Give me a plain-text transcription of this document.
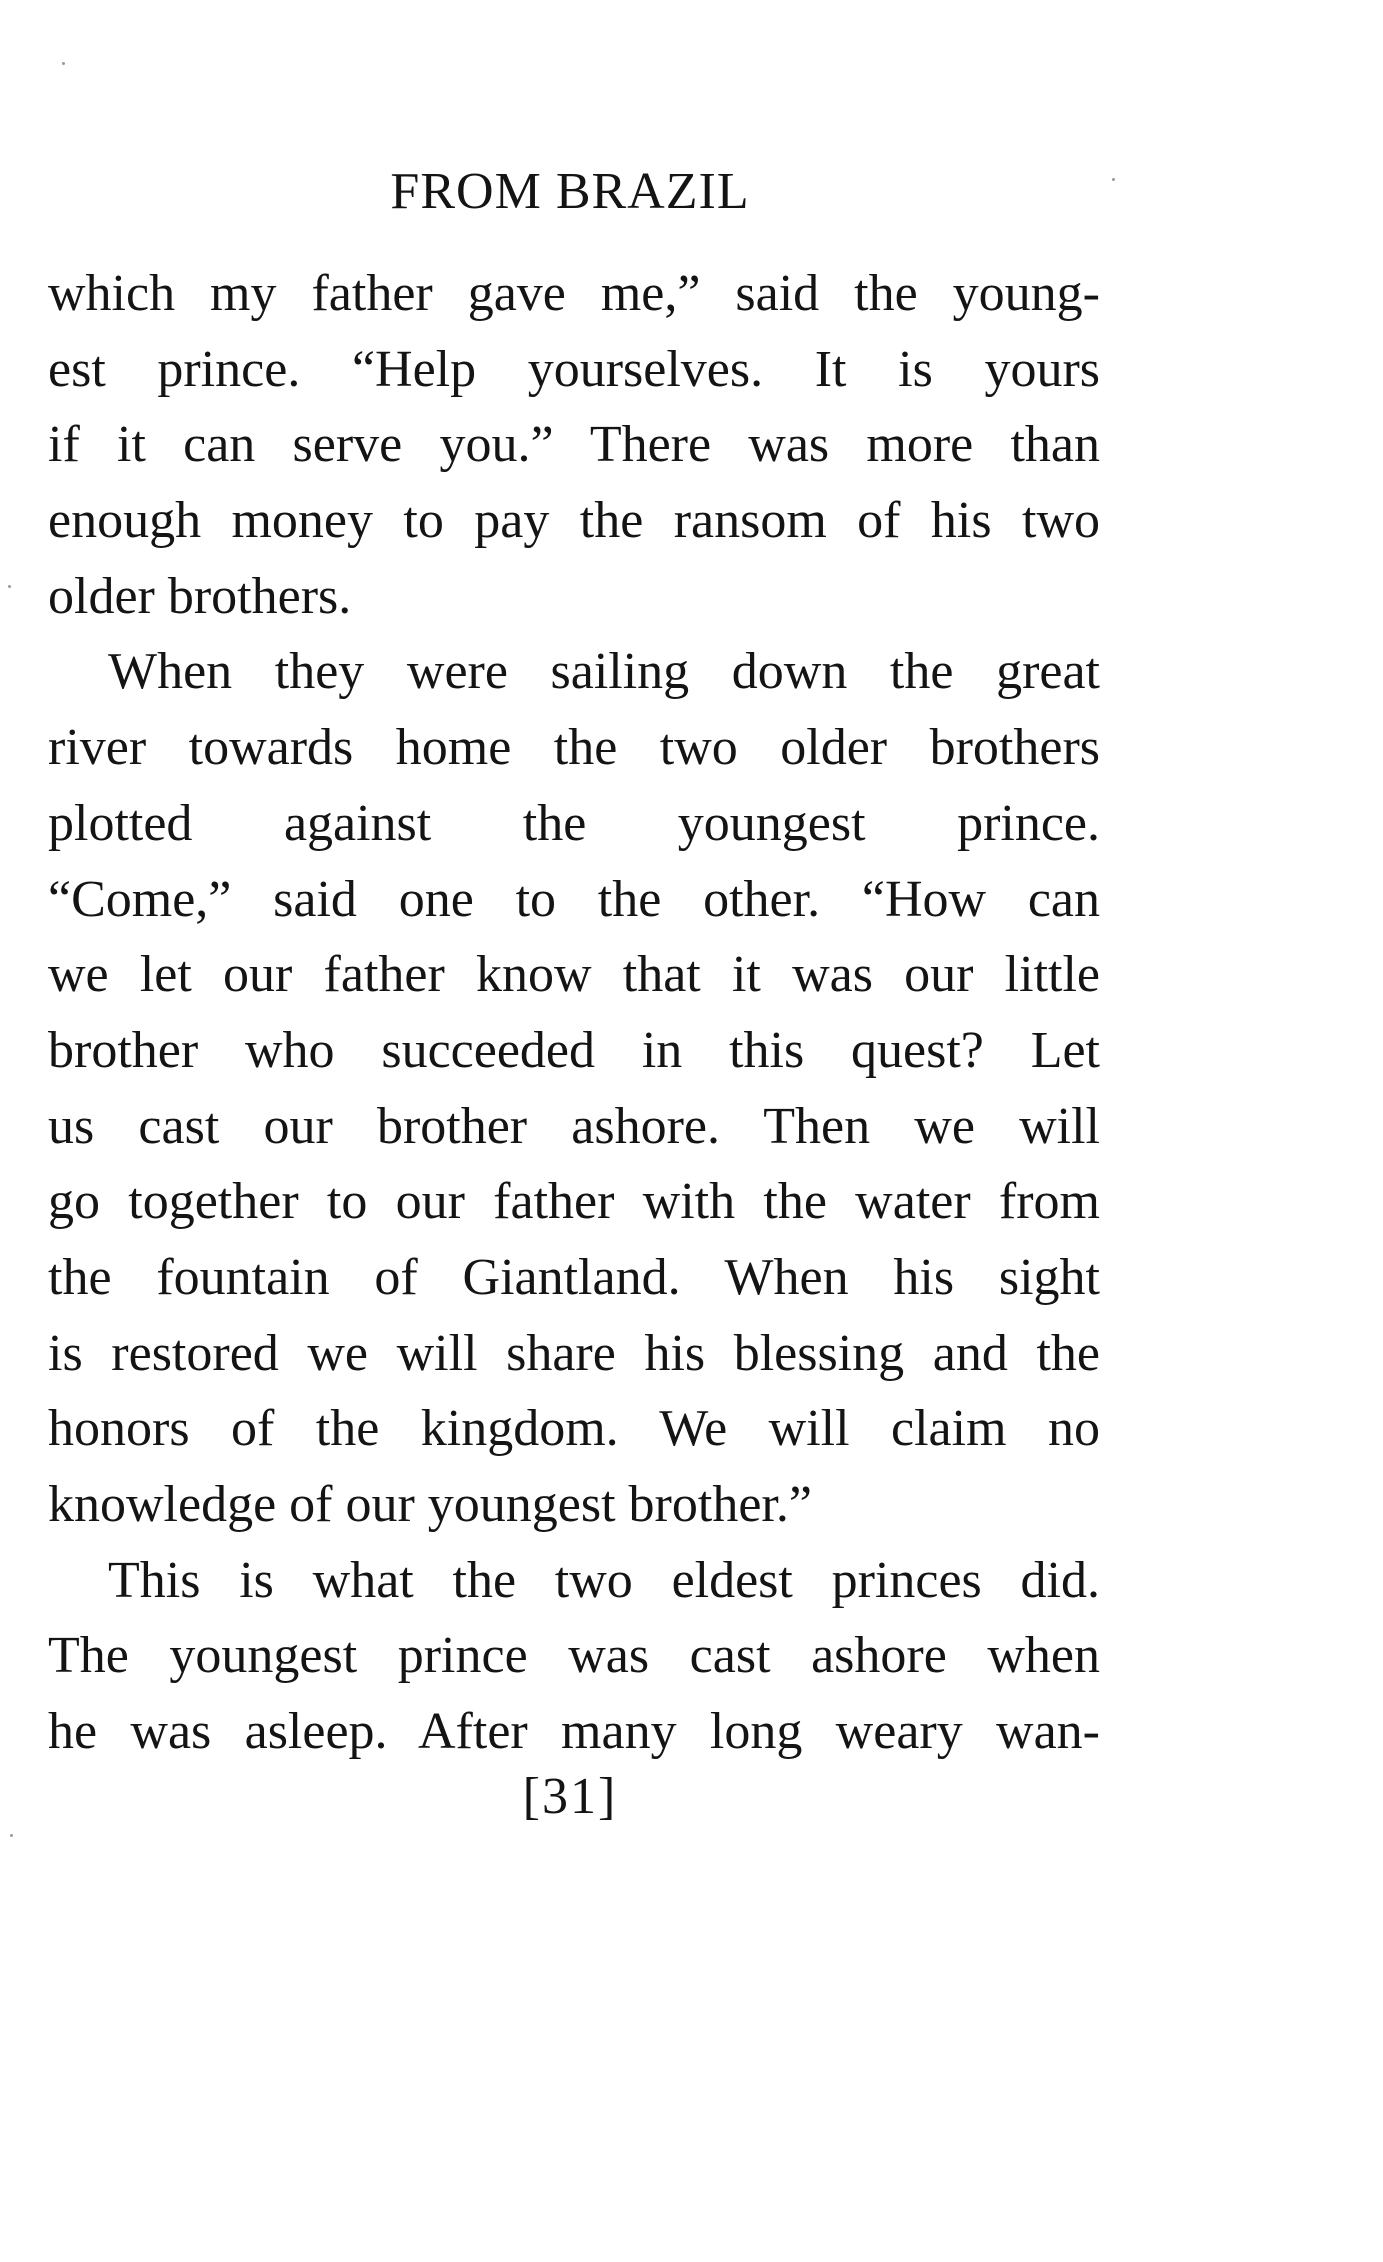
FROM BRAZIL
which my father gave me,” said the young-
est prince. “Help yourselves. It is yours
if it can serve you.” There was more than
enough money to pay the ransom of his two
older brothers.
When they were sailing down the great
river towards home the two older brothers
plotted against the youngest prince.
“Come,” said one to the other. “How can
we let our father know that it was our little
brother who succeeded in this quest? Let
us cast our brother ashore. Then we will
go together to our father with the water from
the fountain of Giantland. When his sight
is restored we will share his blessing and the
honors of the kingdom. We will claim no
knowledge of our youngest brother.”
This is what the two eldest princes did.
The youngest prince was cast ashore when
he was asleep. After many long weary wan-
[31]
